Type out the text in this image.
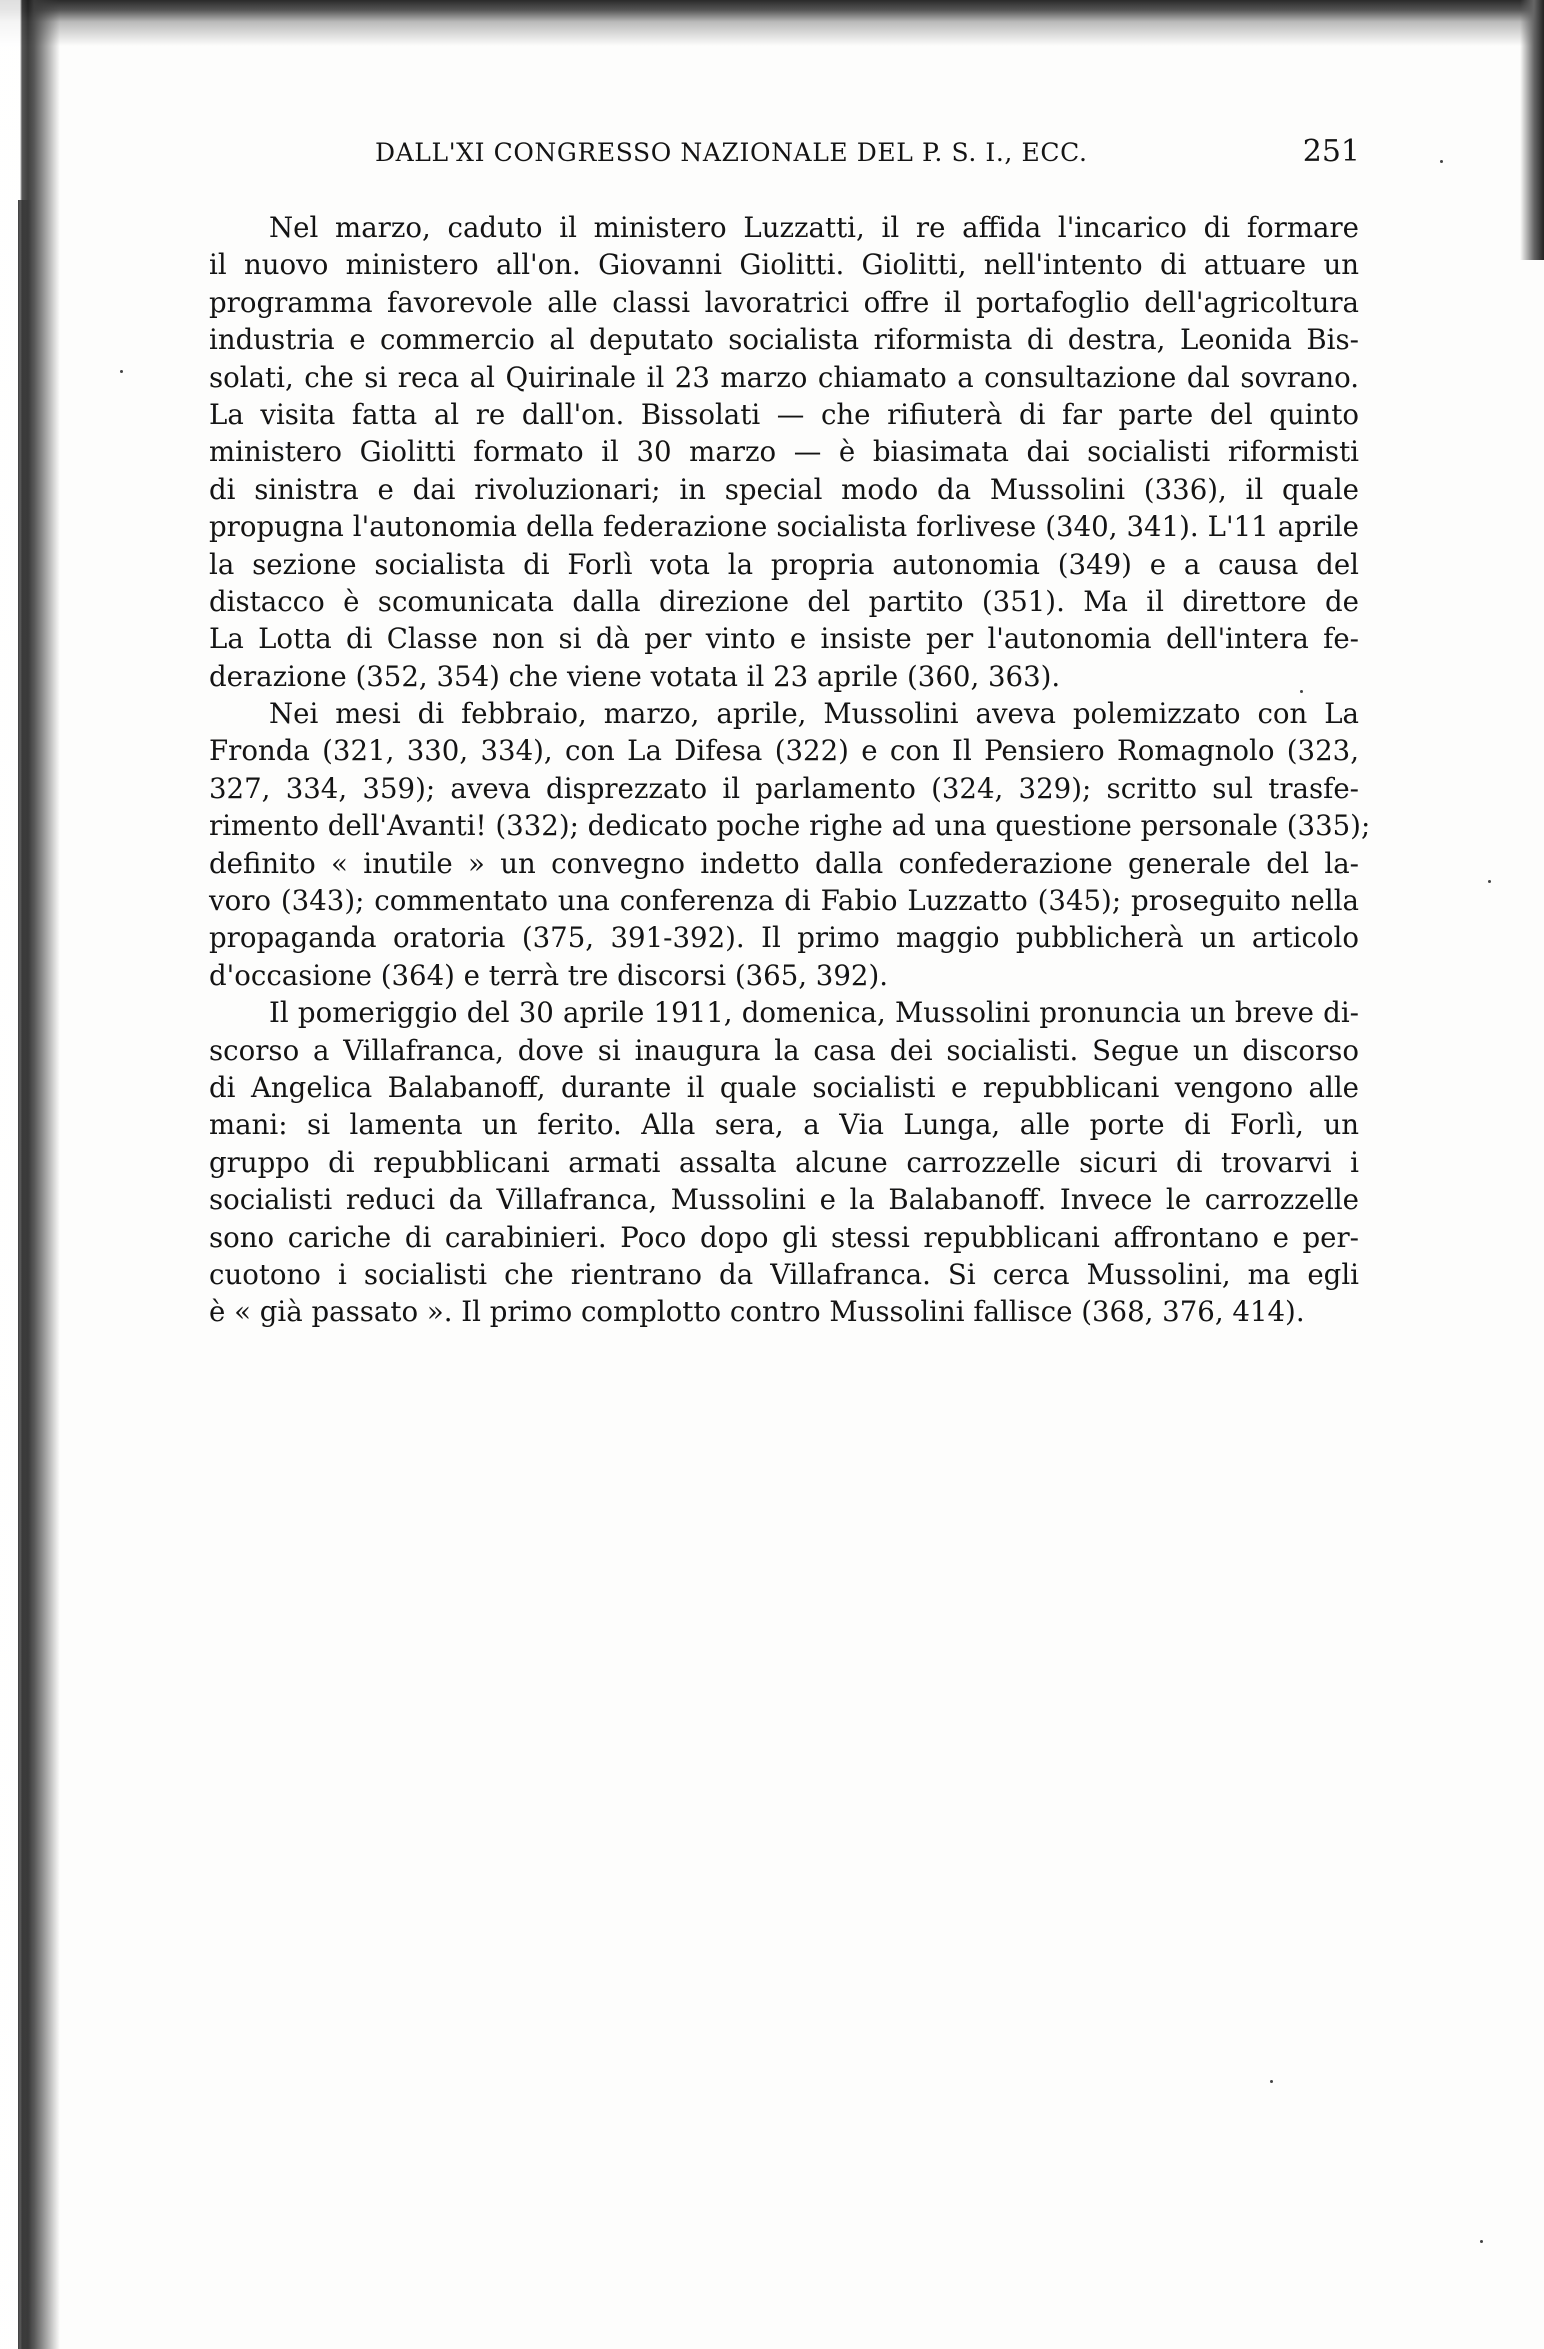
DALL'XI CONGRESSO NAZIONALE DEL P. S. I., ECC.	251
Nel marzo, caduto il ministero Luzzatti, il re affida l'incarico di formare
il nuovo ministero all'on. Giovanni Giolitti. Giolitti, nell'intento di attuare un
programma favorevole alle classi lavoratrici offre il portafoglio dell'agricoltura
industria e commercio al deputato socialista riformista di destra, Leonida Bis-
solati, che si reca al Quirinale il 23 marzo chiamato a consultazione dal sovrano.
La visita fatta al re dall'on. Bissolati — che rifiuterà di far parte del quinto
ministero Giolitti formato il 30 marzo — è biasimata dai socialisti riformisti
di sinistra e dai rivoluzionari; in special modo da Mussolini (336), il quale
propugna l'autonomia della federazione socialista forlivese (340, 341). L'11 aprile
la sezione socialista di Forlì vota la propria autonomia (349) e a causa del
distacco è scomunicata dalla direzione del partito (351). Ma il direttore de
La Lotta di Classe non si dà per vinto e insiste per l'autonomia dell'intera fe-
derazione (352, 354) che viene votata il 23 aprile (360, 363).
Nei mesi di febbraio, marzo, aprile, Mussolini aveva polemizzato con La
Fronda (321, 330, 334), con La Difesa (322) e con Il Pensiero Romagnolo (323,
327, 334, 359); aveva disprezzato il parlamento (324, 329); scritto sul trasfe-
rimento dell'Avanti! (332); dedicato poche righe ad una questione personale (335);
definito « inutile » un convegno indetto dalla confederazione generale del la-
voro (343); commentato una conferenza di Fabio Luzzatto (345); proseguito nella
propaganda oratoria (375, 391-392). Il primo maggio pubblicherà un articolo
d'occasione (364) e terrà tre discorsi (365, 392).
Il pomeriggio del 30 aprile 1911, domenica, Mussolini pronuncia un breve di-
scorso a Villafranca, dove si inaugura la casa dei socialisti. Segue un discorso
di Angelica Balabanoff, durante il quale socialisti e repubblicani vengono alle
mani: si lamenta un ferito. Alla sera, a Via Lunga, alle porte di Forlì, un
gruppo di repubblicani armati assalta alcune carrozzelle sicuri di trovarvi i
socialisti reduci da Villafranca, Mussolini e la Balabanoff. Invece le carrozzelle
sono cariche di carabinieri. Poco dopo gli stessi repubblicani affrontano e per-
cuotono i socialisti che rientrano da Villafranca. Si cerca Mussolini, ma egli
è « già passato ». Il primo complotto contro Mussolini fallisce (368, 376, 414).
